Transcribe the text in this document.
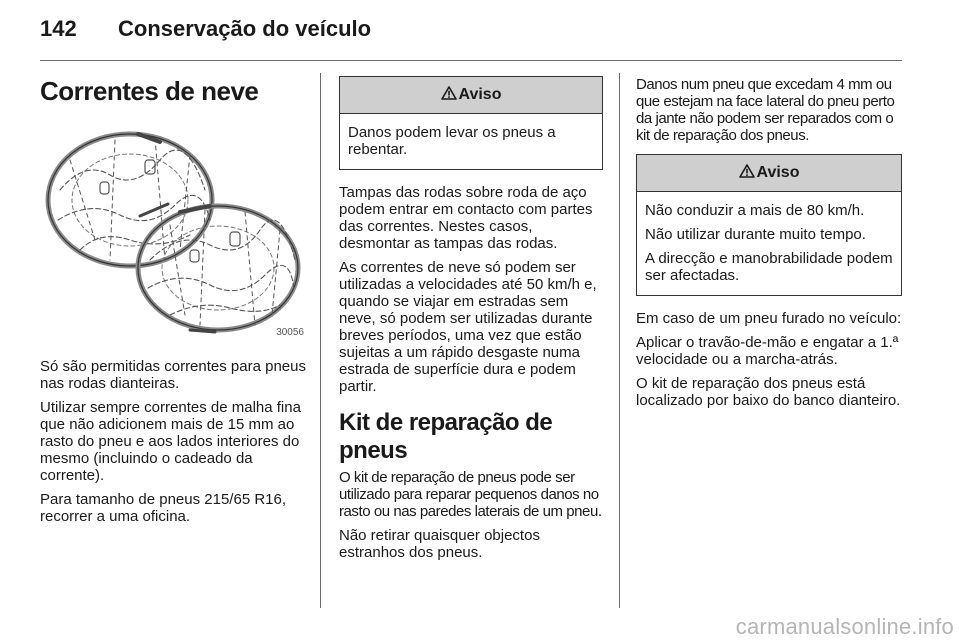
142 Conservação do veículo
Correntes de neve
30056

Só são permitidas correntes para pneus nas rodas dianteiras.

Utilizar sempre correntes de malha fina que não adicionem mais de 15 mm ao rasto do pneu e aos lados interiores do mesmo (incluindo o cadeado da corrente).

Para tamanho de pneus 215/65 R16, recorrer a uma oficina.

Aviso

Danos podem levar os pneus a rebentar.

Tampas das rodas sobre roda de aço podem entrar em contacto com partes das correntes. Nestes casos, desmontar as tampas das rodas.

As correntes de neve só podem ser utilizadas a velocidades até 50 km/h e, quando se viajar em estradas sem neve, só podem ser utilizadas durante breves períodos, uma vez que estão sujeitas a um rápido desgaste numa estrada de superfície dura e podem partir.

Kit de reparação de pneus

O kit de reparação de pneus pode ser utilizado para reparar pequenos danos no rasto ou nas paredes laterais de um pneu.

Não retirar quaisquer objectos estranhos dos pneus.

Danos num pneu que excedam 4 mm ou que estejam na face lateral do pneu perto da jante não podem ser reparados com o kit de reparação dos pneus.

Aviso

Não conduzir a mais de 80 km/h.

Não utilizar durante muito tempo.

A direcção e manobrabilidade podem ser afectadas.

Em caso de um pneu furado no veículo:

Aplicar o travão-de-mão e engatar a 1.ª velocidade ou a marcha-atrás.

O kit de reparação dos pneus está localizado por baixo do banco dianteiro.

carmanualsonline.info
